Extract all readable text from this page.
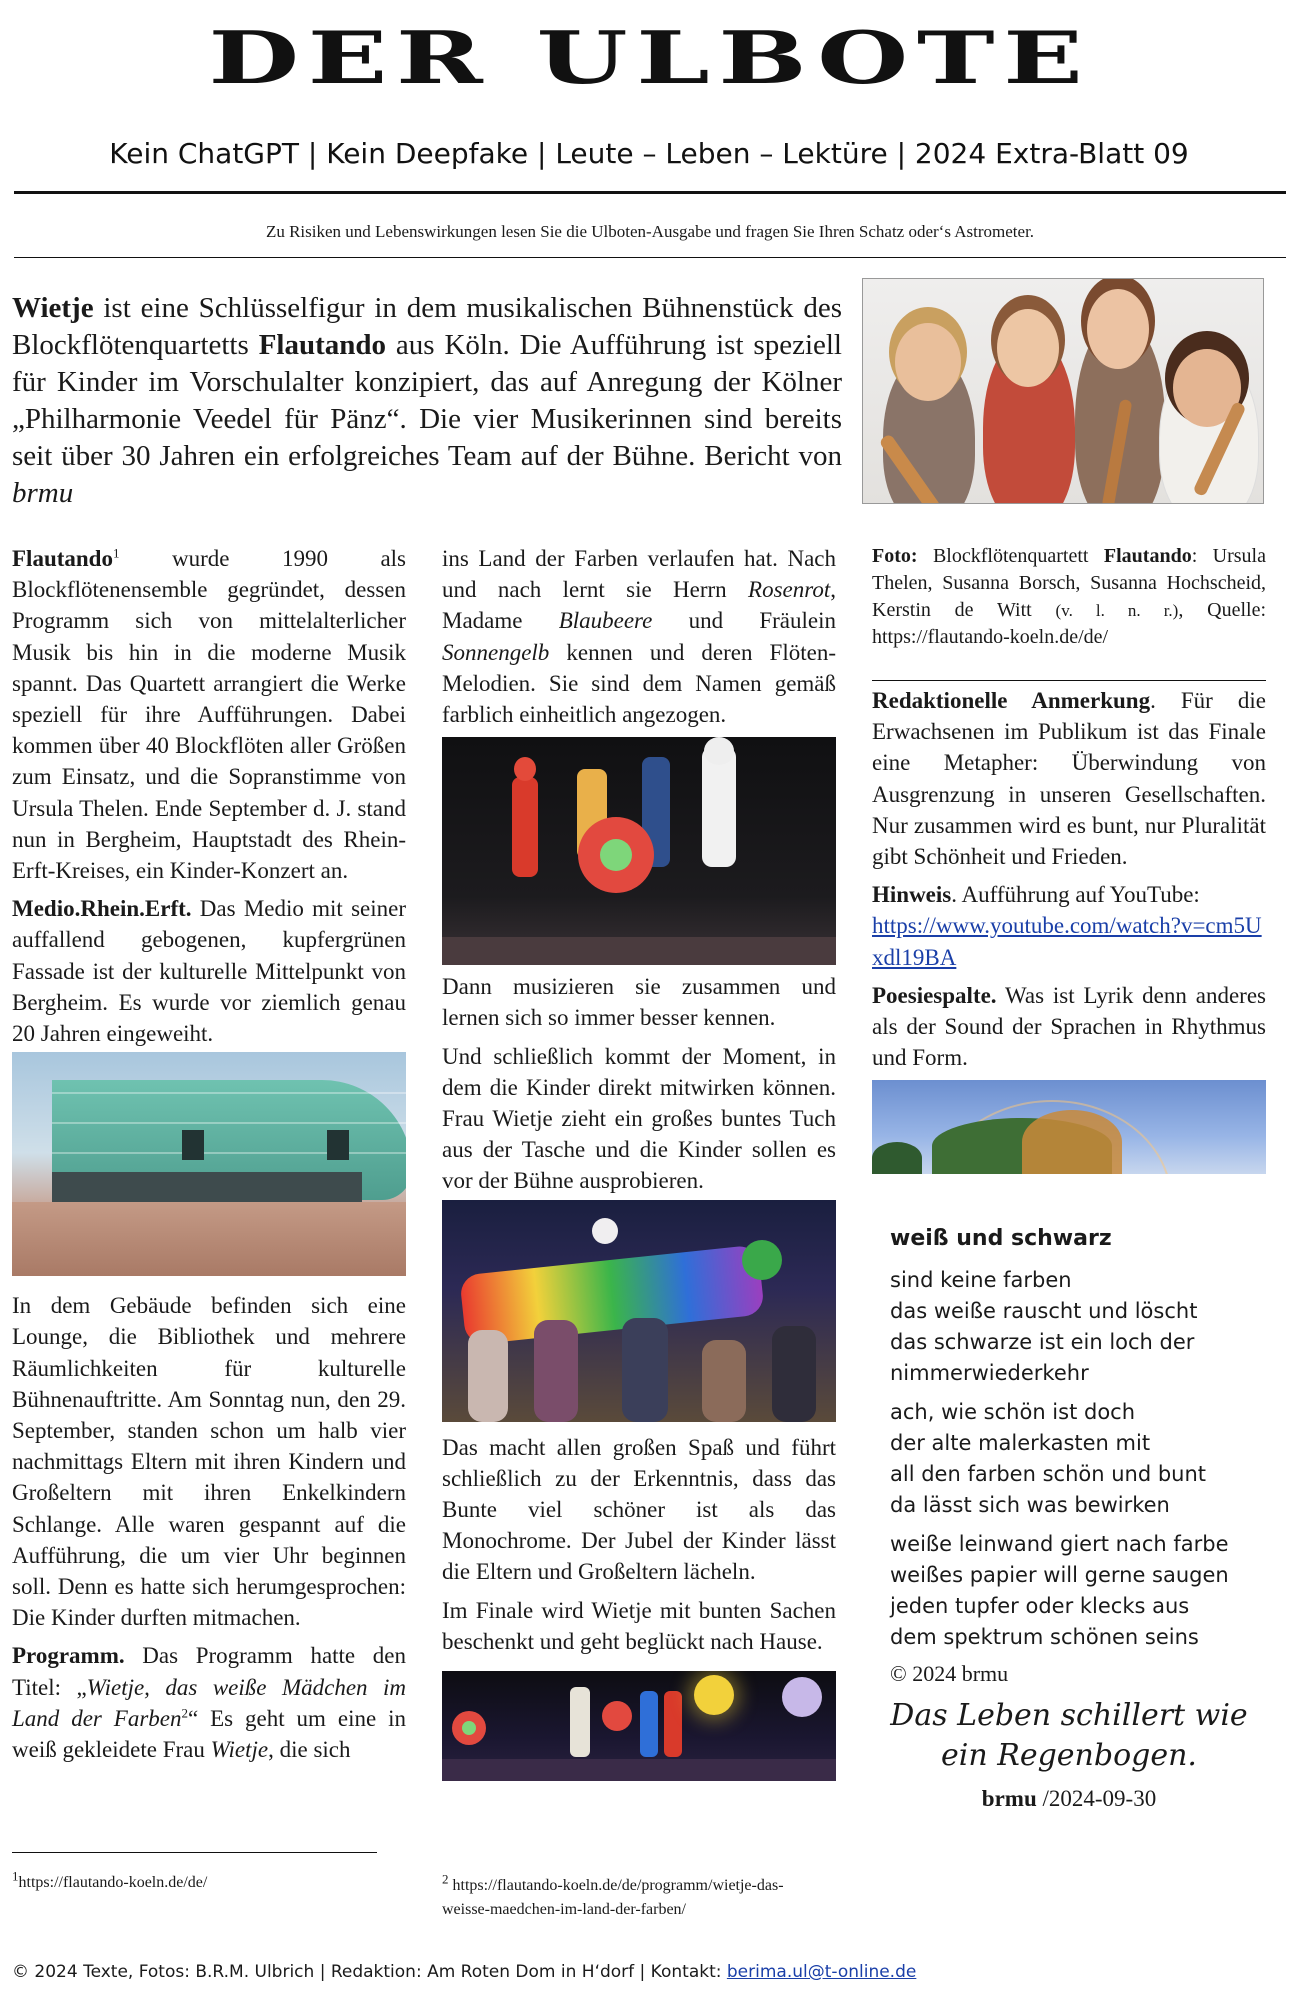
DER ULBOTE
Kein ChatGPT | Kein Deepfake | Leute – Leben – Lektüre | 2024 Extra-Blatt 09
Zu Risiken und Lebenswirkungen lesen Sie die Ulboten-Ausgabe und fragen Sie Ihren Schatz oder‘s Astrometer.
Wietje ist eine Schlüsselfigur in dem musikalischen Bühnenstück des Blockflötenquartetts Flautando aus Köln. Die Aufführung ist speziell für Kinder im Vorschulalter konzipiert, das auf Anregung der Kölner „Philharmonie Veedel für Pänz“. Die vier Musikerinnen sind bereits seit über 30 Jahren ein erfolgreiches Team auf der Bühne. Bericht von brmu

Flautando$^1$ wurde 1990 als Blockflötenensemble gegründet, dessen Programm sich von mittelalterlicher Musik bis hin in die moderne Musik spannt. Das Quartett arrangiert die Werke speziell für ihre Aufführungen. Dabei kommen über 40 Blockflöten aller Größen zum Einsatz, und die Sopranstimme von Ursula Thelen. Ende September d. J. stand nun in Bergheim, Hauptstadt des Rhein-Erft-Kreises, ein Kinder-Konzert an.

Medio.Rhein.Erft. Das Medio mit seiner auffallend gebogenen, kupfergrünen Fassade ist der kulturelle Mittelpunkt von Bergheim. Es wurde vor ziemlich genau 20 Jahren eingeweiht.

In dem Gebäude befinden sich eine Lounge, die Bibliothek und mehrere Räumlichkeiten für kulturelle Bühnenauftritte. Am Sonntag nun, den 29. September, standen schon um halb vier nachmittags Eltern mit ihren Kindern und Großeltern mit ihren Enkelkindern Schlange. Alle waren gespannt auf die Aufführung, die um vier Uhr beginnen soll. Denn es hatte sich herumgesprochen: Die Kinder durften mitmachen.

Programm. Das Programm hatte den Titel: „Wietje, das weiße Mädchen im Land der Farben$^2$“ Es geht um eine in weiß gekleidete Frau Wietje, die sich

ins Land der Farben verlaufen hat. Nach und nach lernt sie Herrn Rosenrot, Madame Blaubeere und Fräulein Sonnengelb kennen und deren Flöten-Melodien. Sie sind dem Namen gemäß farblich einheitlich angezogen.

Dann musizieren sie zusammen und lernen sich so immer besser kennen.

Und schließlich kommt der Moment, in dem die Kinder direkt mitwirken können. Frau Wietje zieht ein großes buntes Tuch aus der Tasche und die Kinder sollen es vor der Bühne ausprobieren.

Das macht allen großen Spaß und führt schließlich zu der Erkenntnis, dass das Bunte viel schöner ist als das Monochrome. Der Jubel der Kinder lässt die Eltern und Großeltern lächeln.

Im Finale wird Wietje mit bunten Sachen beschenkt und geht beglückt nach Hause.

Foto: Blockflötenquartett Flautando: Ursula Thelen, Susanna Borsch, Susanna Hochscheid, Kerstin de Witt (v. l. n. r.), Quelle: https://flautando-koeln.de/de/

Redaktionelle Anmerkung. Für die Erwachsenen im Publikum ist das Finale eine Metapher: Überwindung von Ausgrenzung in unseren Gesellschaften. Nur zusammen wird es bunt, nur Pluralität gibt Schönheit und Frieden.

Hinweis. Aufführung auf YouTube:
https://www.youtube.com/watch?v=cm5Uxdl19BA

Poesiespalte. Was ist Lyrik denn anderes als der Sound der Sprachen in Rhythmus und Form.

weiß und schwarz
sind keine farben
das weiße rauscht und löscht
das schwarze ist ein loch der
nimmerwiederkehr
ach, wie schön ist doch
der alte malerkasten mit
all den farben schön und bunt
da lässt sich was bewirken
weiße leinwand giert nach farbe
weißes papier will gerne saugen
jeden tupfer oder klecks aus
dem spektrum schönen seins
© 2024 brmu
Das Leben schillert wie
ein Regenbogen.
brmu /2024-09-30
$^1$https://flautando-koeln.de/de/	$^2$ https://flautando-koeln.de/de/programm/wietje-das-weisse-maedchen-im-land-der-farben/
© 2024 Texte, Fotos: B.R.M. Ulbrich | Redaktion: Am Roten Dom in H‘dorf | Kontakt: berima.ul@t-online.de
